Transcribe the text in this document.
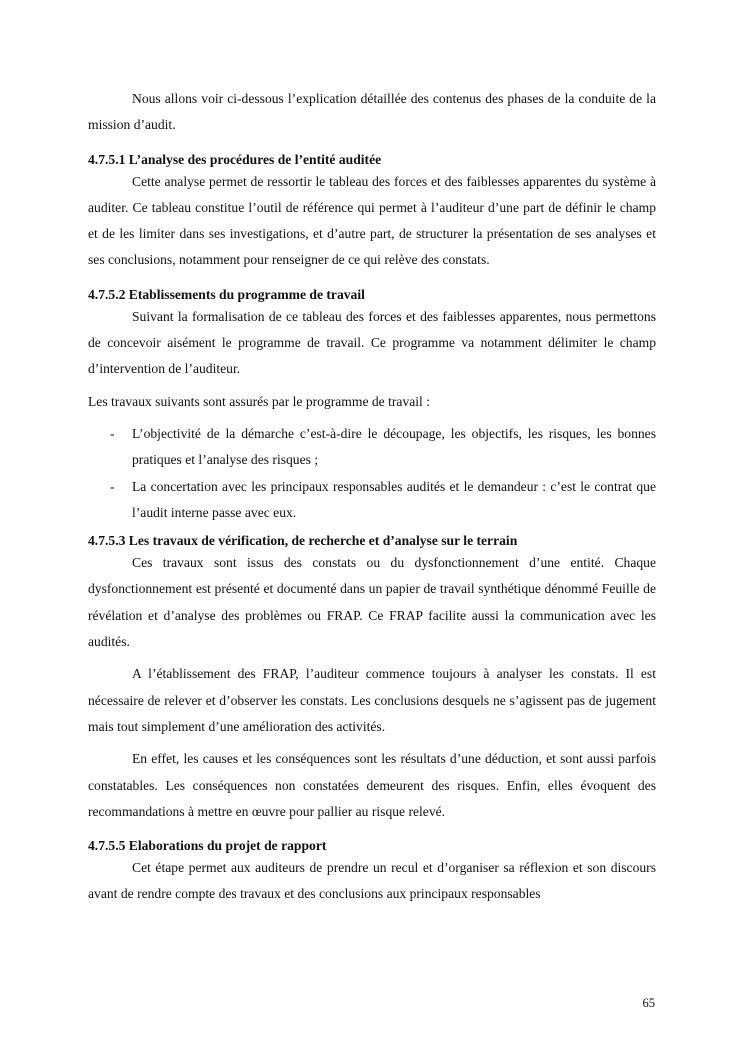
Nous allons voir ci-dessous l’explication détaillée des contenus des phases de la conduite de la mission d’audit.

4.7.5.1 L’analyse des procédures de l’entité auditée

Cette analyse permet de ressortir le tableau des forces et des faiblesses apparentes du système à auditer. Ce tableau constitue l’outil de référence qui permet à l’auditeur d’une part de définir le champ et de les limiter dans ses investigations, et d’autre part, de structurer la présentation de ses analyses et ses conclusions, notamment pour renseigner de ce qui relève des constats.

4.7.5.2 Etablissements du programme de travail

Suivant la formalisation de ce tableau des forces et des faiblesses apparentes, nous permettons de concevoir aisément le programme de travail. Ce programme va notamment délimiter le champ d’intervention de l’auditeur.

Les travaux suivants sont assurés par le programme de travail :

- L’objectivité de la démarche c’est-à-dire le découpage, les objectifs, les risques, les bonnes pratiques et l’analyse des risques ;
- La concertation avec les principaux responsables audités et le demandeur : c’est le contrat que l’audit interne passe avec eux.
4.7.5.3 Les travaux de vérification, de recherche et d’analyse sur le terrain

Ces travaux sont issus des constats ou du dysfonctionnement d’une entité. Chaque dysfonctionnement est présenté et documenté dans un papier de travail synthétique dénommé Feuille de révélation et d’analyse des problèmes ou FRAP. Ce FRAP facilite aussi la communication avec les audités.

A l’établissement des FRAP, l’auditeur commence toujours à analyser les constats. Il est nécessaire de relever et d’observer les constats. Les conclusions desquels ne s’agissent pas de jugement mais tout simplement d’une amélioration des activités.

En effet, les causes et les conséquences sont les résultats d’une déduction, et sont aussi parfois constatables. Les conséquences non constatées demeurent des risques. Enfin, elles évoquent des recommandations à mettre en œuvre pour pallier au risque relevé.

4.7.5.5 Elaborations du projet de rapport

Cet étape permet aux auditeurs de prendre un recul et d’organiser sa réflexion et son discours avant de rendre compte des travaux et des conclusions aux principaux responsables

65
